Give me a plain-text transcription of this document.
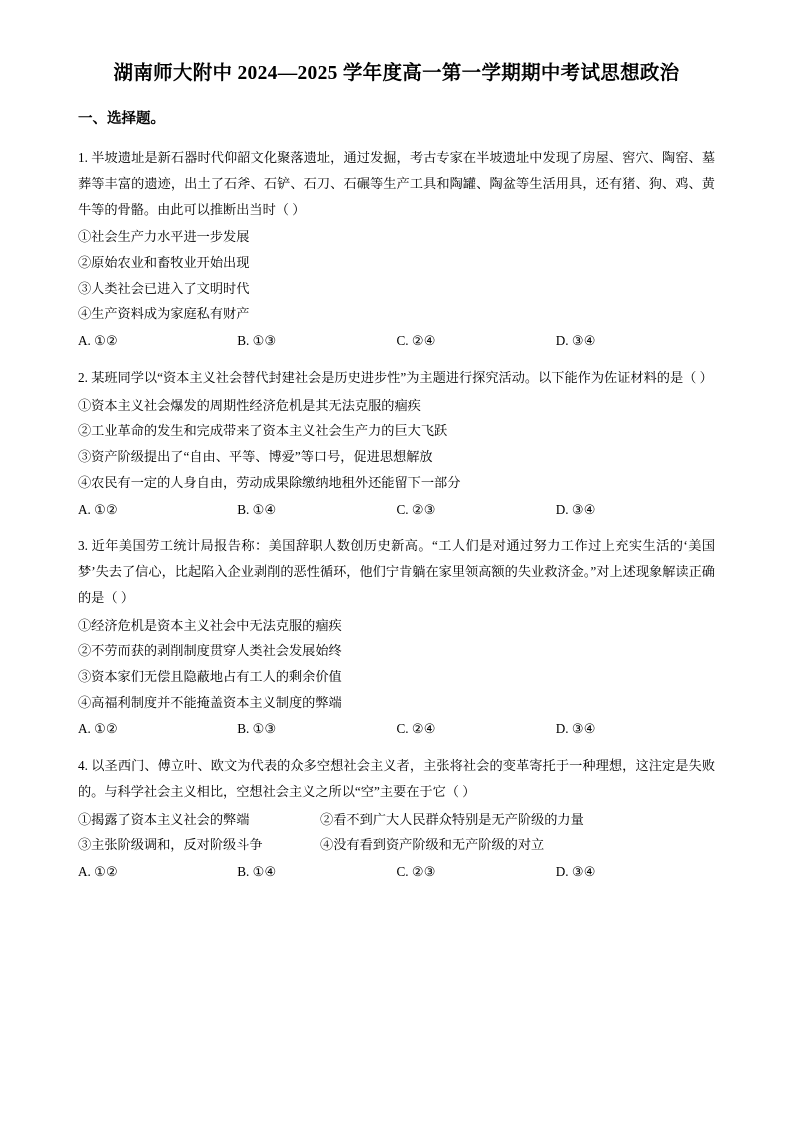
湖南师大附中 2024—2025 学年度高一第一学期期中考试思想政治
一、选择题。
1. 半坡遗址是新石器时代仰韶文化聚落遗址，通过发掘，考古专家在半坡遗址中发现了房屋、窖穴、陶窑、墓葬等丰富的遗迹，出土了石斧、石铲、石刀、石碾等生产工具和陶罐、陶盆等生活用具，还有猪、狗、鸡、黄牛等的骨骼。由此可以推断出当时（ ）
①社会生产力水平进一步发展
②原始农业和畜牧业开始出现
③人类社会已进入了文明时代
④生产资料成为家庭私有财产
A. ①②	B. ①③	C. ②④	D. ③④
2. 某班同学以“资本主义社会替代封建社会是历史进步性”为主题进行探究活动。以下能作为佐证材料的是（ ）
①资本主义社会爆发的周期性经济危机是其无法克服的痼疾
②工业革命的发生和完成带来了资本主义社会生产力的巨大飞跃
③资产阶级提出了“自由、平等、博爱”等口号，促进思想解放
④农民有一定的人身自由，劳动成果除缴纳地租外还能留下一部分
A. ①②	B. ①④	C. ②③	D. ③④
3. 近年美国劳工统计局报告称：美国辞职人数创历史新高。“工人们是对通过努力工作过上充实生活的‘美国梦’失去了信心，比起陷入企业剥削的恶性循环，他们宁肯躺在家里领高额的失业救济金。”对上述现象解读正确的是（ ）
①经济危机是资本主义社会中无法克服的痼疾
②不劳而获的剥削制度贯穿人类社会发展始终
③资本家们无偿且隐蔽地占有工人的剩余价值
④高福利制度并不能掩盖资本主义制度的弊端
A. ①②	B. ①③	C. ②④	D. ③④
4. 以圣西门、傅立叶、欧文为代表的众多空想社会主义者，主张将社会的变革寄托于一种理想，这注定是失败的。与科学社会主义相比，空想社会主义之所以“空”主要在于它（ ）
①揭露了资本主义社会的弊端	②看不到广大人民群众特别是无产阶级的力量
③主张阶级调和，反对阶级斗争	④没有看到资产阶级和无产阶级的对立
A. ①②	B. ①④	C. ②③	D. ③④
